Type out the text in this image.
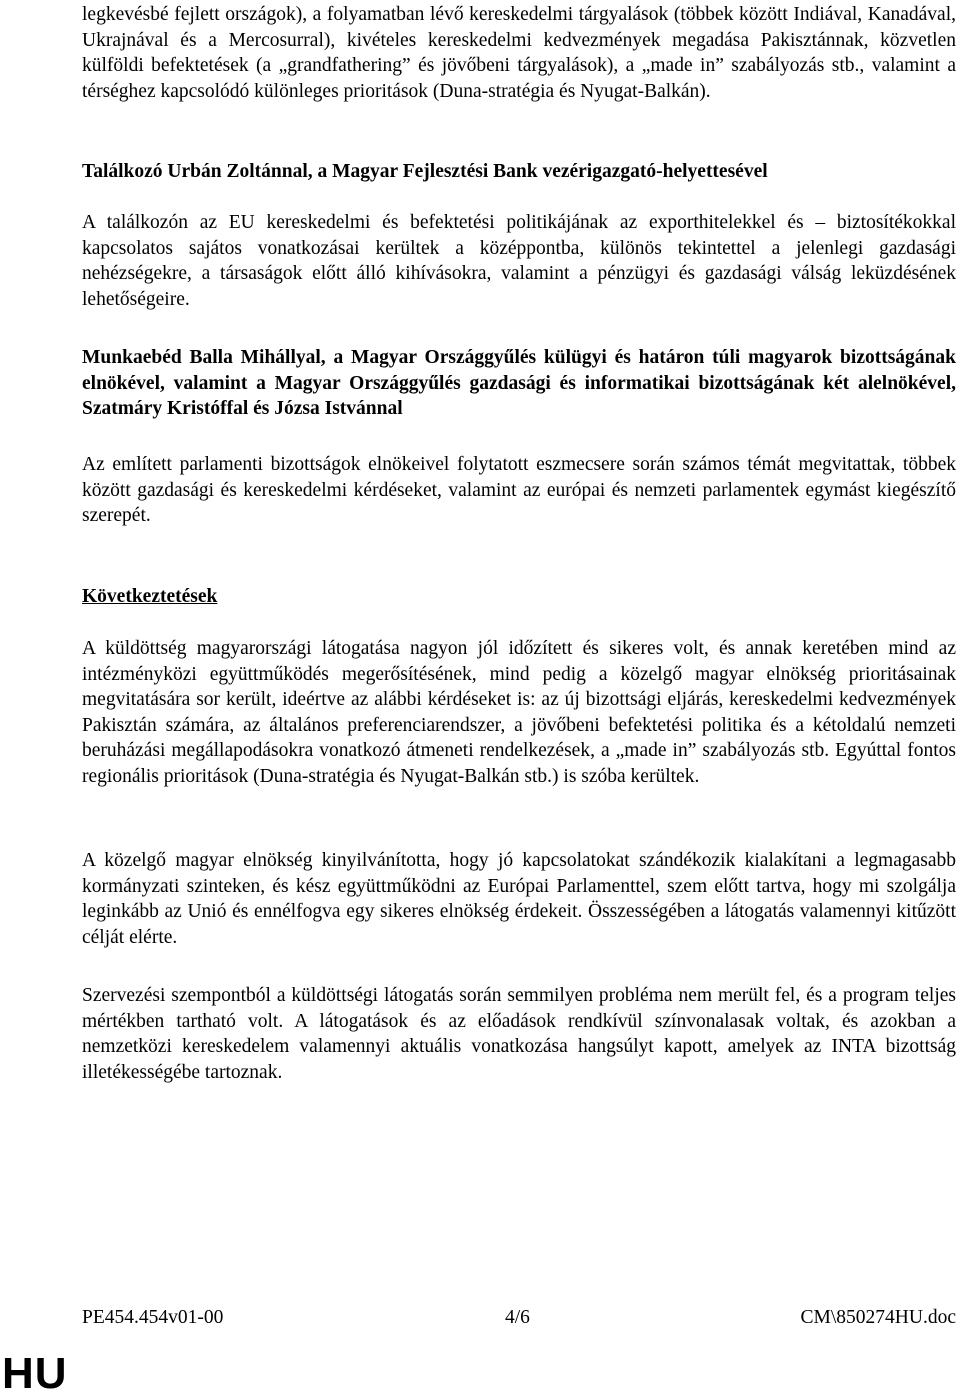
legkevésbé fejlett országok), a folyamatban lévő kereskedelmi tárgyalások (többek között Indiával, Kanadával, Ukrajnával és a Mercosurral), kivételes kereskedelmi kedvezmények megadása Pakisztánnak, közvetlen külföldi befektetések (a „grandfathering” és jövőbeni tárgyalások), a „made in” szabályozás stb., valamint a térséghez kapcsolódó különleges prioritások (Duna-stratégia és Nyugat-Balkán).

Találkozó Urbán Zoltánnal, a Magyar Fejlesztési Bank vezérigazgató-helyettesével

A találkozón az EU kereskedelmi és befektetési politikájának az exporthitelekkel és – biztosítékokkal kapcsolatos sajátos vonatkozásai kerültek a középpontba, különös tekintettel a jelenlegi gazdasági nehézségekre, a társaságok előtt álló kihívásokra, valamint a pénzügyi és gazdasági válság leküzdésének lehetőségeire.

Munkaebéd Balla Mihállyal, a Magyar Országgyűlés külügyi és határon túli magyarok bizottságának elnökével, valamint a Magyar Országgyűlés gazdasági és informatikai bizottságának két alelnökével, Szatmáry Kristóffal és Józsa Istvánnal

Az említett parlamenti bizottságok elnökeivel folytatott eszmecsere során számos témát megvitattak, többek között gazdasági és kereskedelmi kérdéseket, valamint az európai és nemzeti parlamentek egymást kiegészítő szerepét.

Következtetések

A küldöttség magyarországi látogatása nagyon jól időzített és sikeres volt, és annak keretében mind az intézményközi együttműködés megerősítésének, mind pedig a közelgő magyar elnökség prioritásainak megvitatására sor került, ideértve az alábbi kérdéseket is: az új bizottsági eljárás, kereskedelmi kedvezmények Pakisztán számára, az általános preferenciarendszer, a jövőbeni befektetési politika és a kétoldalú nemzeti beruházási megállapodásokra vonatkozó átmeneti rendelkezések, a „made in” szabályozás stb. Egyúttal fontos regionális prioritások (Duna-stratégia és Nyugat-Balkán stb.) is szóba kerültek.

A közelgő magyar elnökség kinyilvánította, hogy jó kapcsolatokat szándékozik kialakítani a legmagasabb kormányzati szinteken, és kész együttműködni az Európai Parlamenttel, szem előtt tartva, hogy mi szolgálja leginkább az Unió és ennélfogva egy sikeres elnökség érdekeit. Összességében a látogatás valamennyi kitűzött célját elérte.

Szervezési szempontból a küldöttségi látogatás során semmilyen probléma nem merült fel, és a program teljes mértékben tartható volt. A látogatások és az előadások rendkívül színvonalasak voltak, és azokban a nemzetközi kereskedelem valamennyi aktuális vonatkozása hangsúlyt kapott, amelyek az INTA bizottság illetékességébe tartoznak.

PE454.454v01-00	4/6	CM\850274HU.doc
HU
